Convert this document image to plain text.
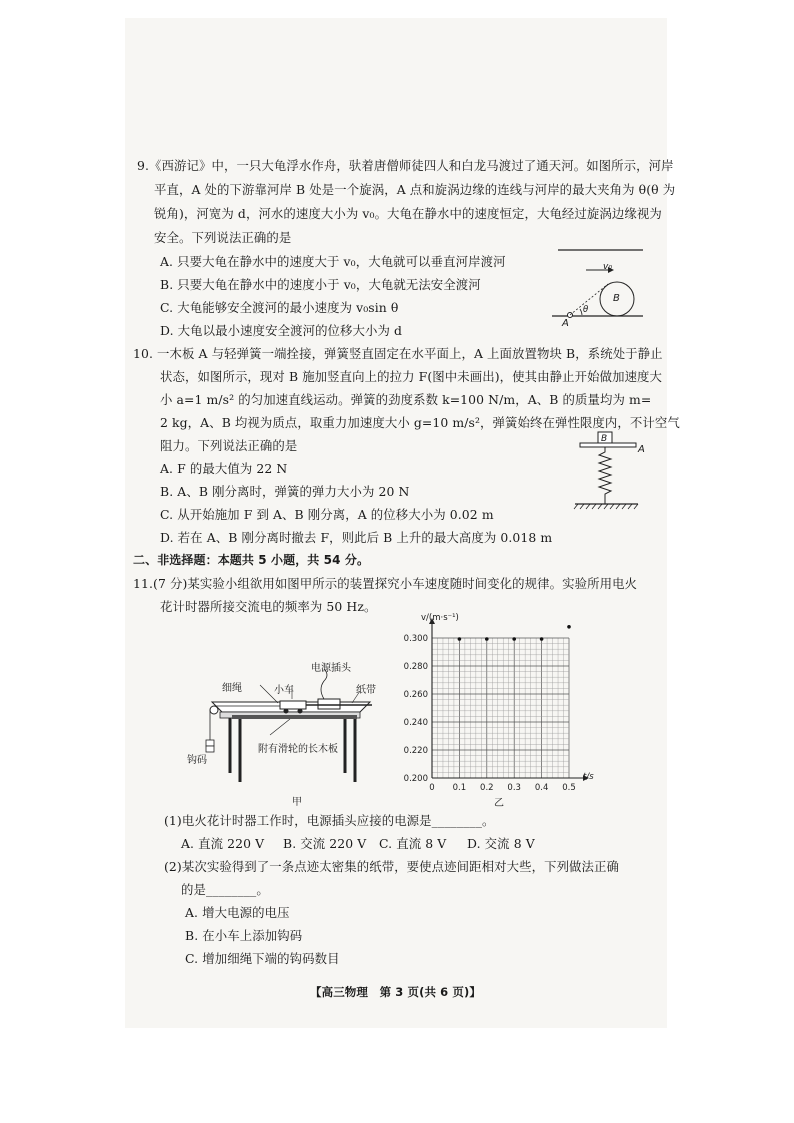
9.《西游记》中，一只大龟浮水作舟，驮着唐僧师徒四人和白龙马渡过了通天河。如图所示，河岸
平直，A 处的下游靠河岸 B 处是一个旋涡，A 点和旋涡边缘的连线与河岸的最大夹角为 θ(θ 为
锐角)，河宽为 d，河水的速度大小为 v₀。大龟在静水中的速度恒定，大龟经过旋涡边缘视为
安全。下列说法正确的是
A. 只要大龟在静水中的速度大于 v₀，大龟就可以垂直河岸渡河
B. 只要大龟在静水中的速度小于 v₀，大龟就无法安全渡河
C. 大龟能够安全渡河的最小速度为 v₀sin θ
D. 大龟以最小速度安全渡河的位移大小为 d
v₀
B
A
θ
10. 一木板 A 与轻弹簧一端拴接，弹簧竖直固定在水平面上，A 上面放置物块 B，系统处于静止
状态，如图所示，现对 B 施加竖直向上的拉力 F(图中未画出)，使其由静止开始做加速度大
小 a=1 m/s² 的匀加速直线运动。弹簧的劲度系数 k=100 N/m，A、B 的质量均为 m=
2 kg，A、B 均视为质点，取重力加速度大小 g=10 m/s²，弹簧始终在弹性限度内，不计空气
阻力。下列说法正确的是
A. F 的最大值为 22 N
B. A、B 刚分离时，弹簧的弹力大小为 20 N
C. 从开始施加 F 到 A、B 刚分离，A 的位移大小为 0.02 m
D. 若在 A、B 刚分离时撤去 F，则此后 B 上升的最大高度为 0.018 m
B
A
二、非选择题：本题共 5 小题，共 54 分。
11.(7 分)某实验小组欲用如图甲所示的装置探究小车速度随时间变化的规律。实验所用电火
花计时器所接交流电的频率为 50 Hz。
电源插头
细绳	小车	纸带
钩码
附有滑轮的长木板
甲
0.200
0.220
0.240
0.260
0.280
0.300
0 0.1 0.2 0.3 0.4 0.5
v/(m·s⁻¹)
t/s
乙
(1)电火花计时器工作时，电源插头应接的电源是________。
A. 直流 220 V B. 交流 220 V C. 直流 8 V D. 交流 8 V
(2)某次实验得到了一条点迹太密集的纸带，要使点迹间距相对大些，下列做法正确
的是________。
A. 增大电源的电压
B. 在小车上添加钩码
C. 增加细绳下端的钩码数目
【高三物理　第 3 页(共 6 页)】
